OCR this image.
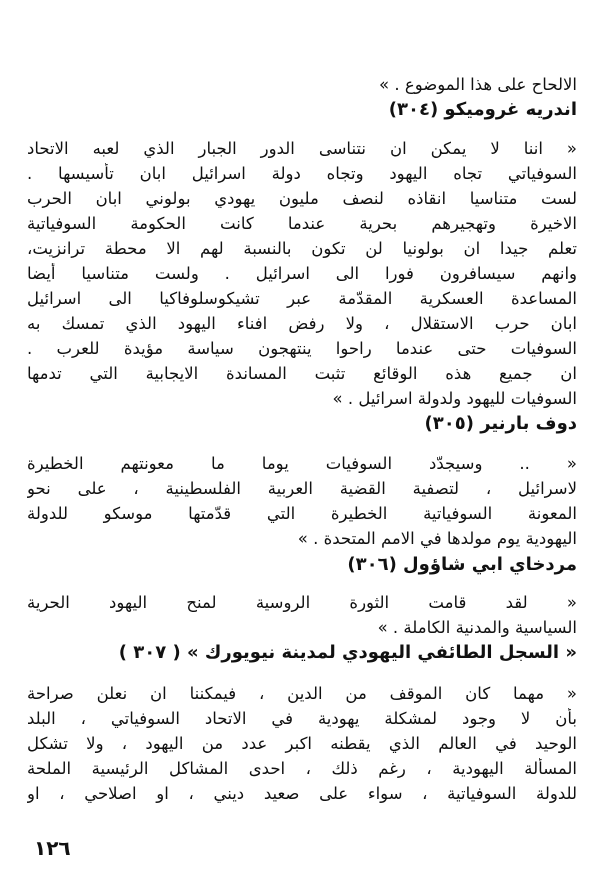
الالحاح على هذا الموضوع . »
اندريه غروميكو (٣٠٤)
« اننا لا يمكن ان نتناسى الدور الجبار الذي لعبه الاتحاد
السوفياتي تجاه اليهود وتجاه دولة اسرائيل ابان تأسيسها .
لست متناسيا انقاذه لنصف مليون يهودي بولوني ابان الحرب
الاخيرة وتهجيرهم بحرية عندما كانت الحكومة السوفياتية
تعلم جيدا ان بولونيا لن تكون بالنسبة لهم الا محطة ترانزيت،
وانهم سيسافرون فورا الى اسرائيل . ولست متناسيا أيضا
المساعدة العسكرية المقدّمة عبر تشيكوسلوفاكيا الى اسرائيل
ابان حرب الاستقلال ، ولا رفض افناء اليهود الذي تمسك به
السوفيات حتى عندما راحوا ينتهجون سياسة مؤيدة للعرب .
ان جميع هذه الوقائع تثبت المساندة الايجابية التي تدمها
السوفيات لليهود ولدولة اسرائيل . »
دوف بارنير (٣٠٥)
« .. وسيجدّد السوفيات يوما ما معونتهم الخطيرة
لاسرائيل ، لتصفية القضية العربية الفلسطينية ، على نحو
المعونة السوفياتية الخطيرة التي قدّمتها موسكو للدولة
اليهودية يوم مولدها في الامم المتحدة . »
مردخاي ابي شاؤول (٣٠٦)
« لقد قامت الثورة الروسية لمنح اليهود الحرية
السياسية والمدنية الكاملة . »
« السجل الطائفي اليهودي لمدينة نيويورك » ( ٣٠٧ )
« مهما كان الموقف من الدين ، فيمكننا ان نعلن صراحة
بأن لا وجود لمشكلة يهودية في الاتحاد السوفياتي ، البلد
الوحيد في العالم الذي يقطنه اكبر عدد من اليهود ، ولا تشكل
المسألة اليهودية ، رغم ذلك ، احدى المشاكل الرئيسية الملحة
للدولة السوفياتية ، سواء على صعيد ديني ، او اصلاحي ، او
١٢٦
